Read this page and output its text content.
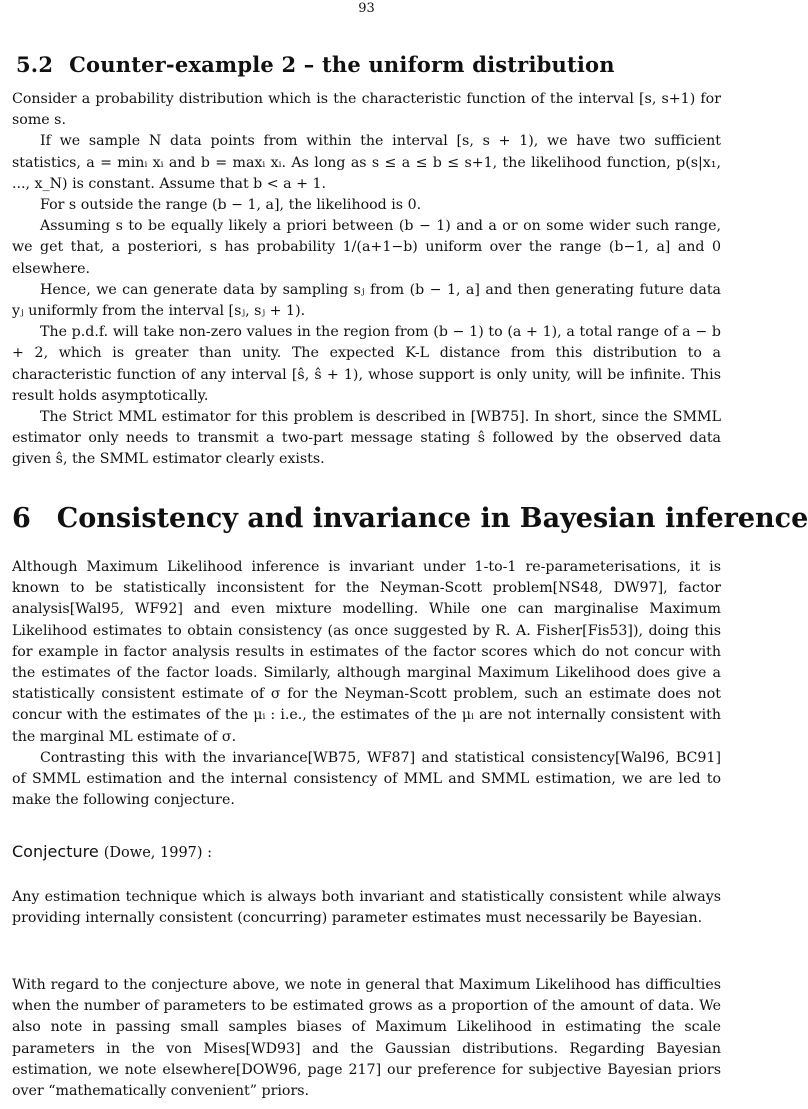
93
5.2 Counter-example 2 – the uniform distribution

Consider a probability distribution which is the characteristic function of the interval [s, s+1) for some s.

If we sample N data points from within the interval [s, s + 1), we have two sufficient statistics, a = minᵢ xᵢ and b = maxᵢ xᵢ. As long as s ≤ a ≤ b ≤ s+1, the likelihood function, p(s|x₁, ..., x_N) is constant. Assume that b < a + 1.

For s outside the range (b − 1, a], the likelihood is 0.

Assuming s to be equally likely a priori between (b − 1) and a or on some wider such range, we get that, a posteriori, s has probability 1/(a+1−b) uniform over the range (b−1, a] and 0 elsewhere.

Hence, we can generate data by sampling sⱼ from (b − 1, a] and then generating future data yⱼ uniformly from the interval [sⱼ, sⱼ + 1).

The p.d.f. will take non-zero values in the region from (b − 1) to (a + 1), a total range of a − b + 2, which is greater than unity. The expected K-L distance from this distribution to a characteristic function of any interval [ŝ, ŝ + 1), whose support is only unity, will be infinite. This result holds asymptotically.

The Strict MML estimator for this problem is described in [WB75]. In short, since the SMML estimator only needs to transmit a two-part message stating ŝ followed by the observed data given ŝ, the SMML estimator clearly exists.

6 Consistency and invariance in Bayesian inference

Although Maximum Likelihood inference is invariant under 1-to-1 re-parameterisations, it is known to be statistically inconsistent for the Neyman-Scott problem[NS48, DW97], factor analysis[Wal95, WF92] and even mixture modelling. While one can marginalise Maximum Likelihood estimates to obtain consistency (as once suggested by R. A. Fisher[Fis53]), doing this for example in factor analysis results in estimates of the factor scores which do not concur with the estimates of the factor loads. Similarly, although marginal Maximum Likelihood does give a statistically consistent estimate of σ for the Neyman-Scott problem, such an estimate does not concur with the estimates of the μᵢ : i.e., the estimates of the μᵢ are not internally consistent with the marginal ML estimate of σ.

Contrasting this with the invariance[WB75, WF87] and statistical consistency[Wal96, BC91] of SMML estimation and the internal consistency of MML and SMML estimation, we are led to make the following conjecture.

Conjecture (Dowe, 1997) :

Any estimation technique which is always both invariant and statistically consistent while always providing internally consistent (concurring) parameter estimates must necessarily be Bayesian.

With regard to the conjecture above, we note in general that Maximum Likelihood has difficulties when the number of parameters to be estimated grows as a proportion of the amount of data. We also note in passing small samples biases of Maximum Likelihood in estimating the scale parameters in the von Mises[WD93] and the Gaussian distributions. Regarding Bayesian estimation, we note elsewhere[DOW96, page 217] our preference for subjective Bayesian priors over “mathematically convenient” priors.
